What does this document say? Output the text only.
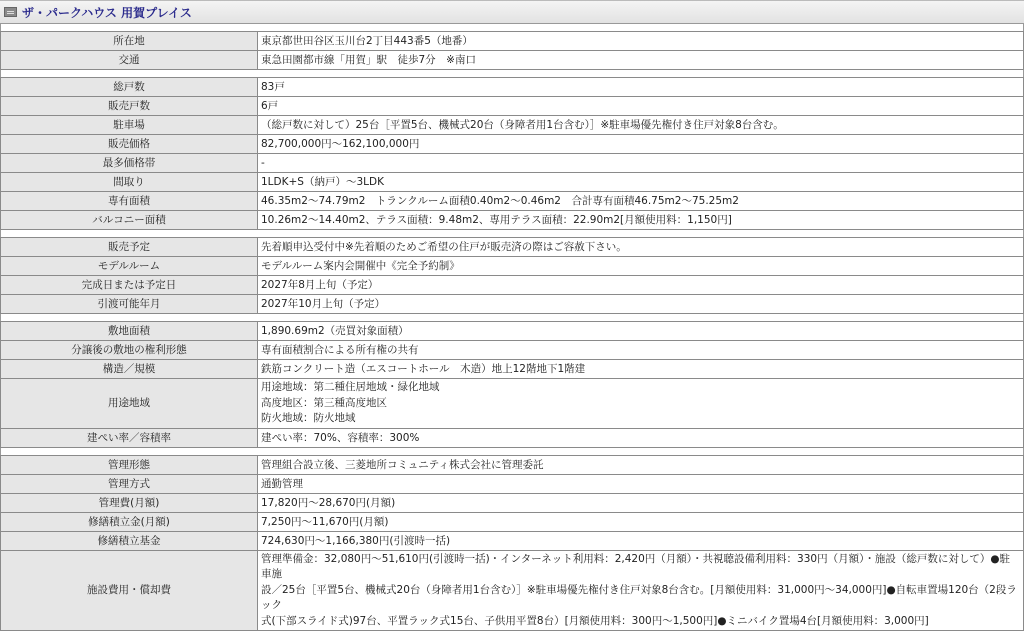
ザ・パークハウス 用賀プレイス
所在地	東京都世田谷区玉川台2丁目443番5（地番）
交通	東急田園都市線「用賀」駅　徒歩7分　※南口
総戸数	83戸
販売戸数	6戸
駐車場	（総戸数に対して）25台［平置5台、機械式20台（身障者用1台含む）］※駐車場優先権付き住戸対象8台含む。
販売価格	82,700,000円～162,100,000円
最多価格帯	-
間取り	1LDK+S（納戸）～3LDK
専有面積	46.35m2～74.79m2　トランクルーム面積0.40m2～0.46m2　合計専有面積46.75m2～75.25m2
バルコニー面積	10.26m2～14.40m2、テラス面積：9.48m2、専用テラス面積：22.90m2[月額使用料：1,150円]
販売予定	先着順申込受付中※先着順のためご希望の住戸が販売済の際はご容赦下さい。
モデルルーム	モデルルーム案内会開催中《完全予約制》
完成日または予定日	2027年8月上旬（予定）
引渡可能年月	2027年10月上旬（予定）
敷地面積	1,890.69m2（売買対象面積）
分譲後の敷地の権利形態	専有面積割合による所有権の共有
構造／規模	鉄筋コンクリート造（エスコートホール　木造）地上12階地下1階建
用途地域	用途地域：第二種住居地域・緑化地域
高度地区：第三種高度地区
防火地域：防火地域

建ぺい率／容積率	建ぺい率：70%、容積率：300%
管理形態	管理組合設立後、三菱地所コミュニティ株式会社に管理委託
管理方式	通勤管理
管理費(月額)	17,820円～28,670円(月額)
修繕積立金(月額)	7,250円～11,670円(月額)
修繕積立基金	724,630円～1,166,380円(引渡時一括)
施設費用・償却費	管理準備金：32,080円～51,610円(引渡時一括)・インターネット利用料：2,420円（月額）・共視聴設備利用料：330円（月額）・施設（総戸数に対して）●駐車施
設／25台［平置5台、機械式20台（身障者用1台含む）］※駐車場優先権付き住戸対象8台含む。[月額使用料：31,000円～34,000円]●自転車置場120台（2段ラック
式(下部スライド式)97台、平置ラック式15台、子供用平置8台）[月額使用料：300円～1,500円]●ミニバイク置場4台[月額使用料：3,000円]
